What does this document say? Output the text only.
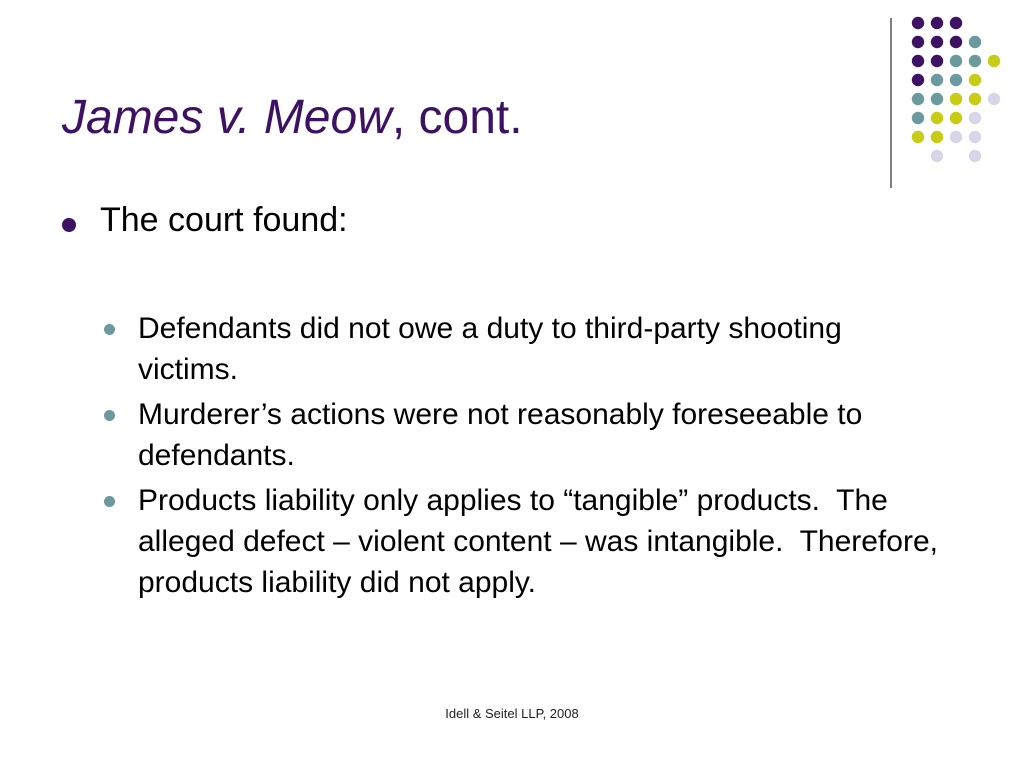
James v. Meow, cont.
The court found:
Defendants did not owe a duty to third-party shooting victims.
Murderer’s actions were not reasonably foreseeable to defendants.
Products liability only applies to “tangible” products.  The alleged defect – violent content – was intangible.  Therefore, products liability did not apply.
Idell & Seitel LLP, 2008
